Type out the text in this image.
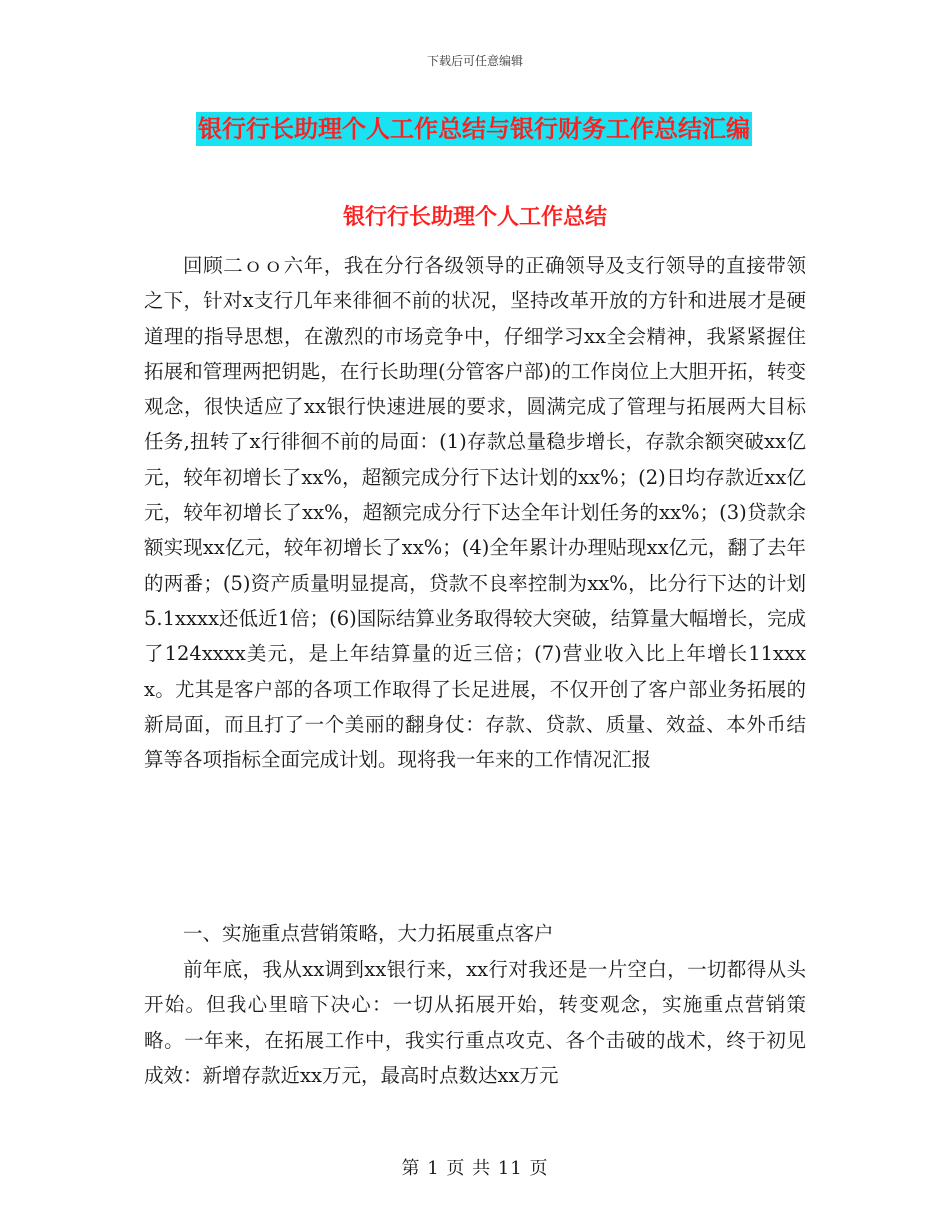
下载后可任意编辑
银行行长助理个人工作总结与银行财务工作总结汇编
银行行长助理个人工作总结

回顾二ｏｏ六年，我在分行各级领导的正确领导及支行领导的直接带领之下，针对x支行几年来徘徊不前的状况，坚持改革开放的方针和进展才是硬道理的指导思想，在激烈的市场竞争中，仔细学习xx全会精神，我紧紧握住拓展和管理两把钥匙，在行长助理(分管客户部)的工作岗位上大胆开拓，转变观念，很快适应了xx银行快速进展的要求，圆满完成了管理与拓展两大目标任务,扭转了x行徘徊不前的局面：(1)存款总量稳步增长，存款余额突破xx亿元，较年初增长了xx%，超额完成分行下达计划的xx%；(2)日均存款近xx亿元，较年初增长了xx%，超额完成分行下达全年计划任务的xx%；(3)贷款余额实现xx亿元，较年初增长了xx%；(4)全年累计办理贴现xx亿元，翻了去年的两番；(5)资产质量明显提高，贷款不良率控制为xx%，比分行下达的计划5.1xxxx还低近1倍；(6)国际结算业务取得较大突破，结算量大幅增长，完成了124xxxx美元，是上年结算量的近三倍；(7)营业收入比上年增长11xxxx。尤其是客户部的各项工作取得了长足进展，不仅开创了客户部业务拓展的新局面，而且打了一个美丽的翻身仗：存款、贷款、质量、效益、本外币结算等各项指标全面完成计划。现将我一年来的工作情况汇报

一、实施重点营销策略，大力拓展重点客户

前年底，我从xx调到xx银行来，xx行对我还是一片空白，一切都得从头开始。但我心里暗下决心：一切从拓展开始，转变观念，实施重点营销策略。一年来，在拓展工作中，我实行重点攻克、各个击破的战术，终于初见成效：新增存款近xx万元，最高时点数达xx万元

第 1 页 共 11 页
